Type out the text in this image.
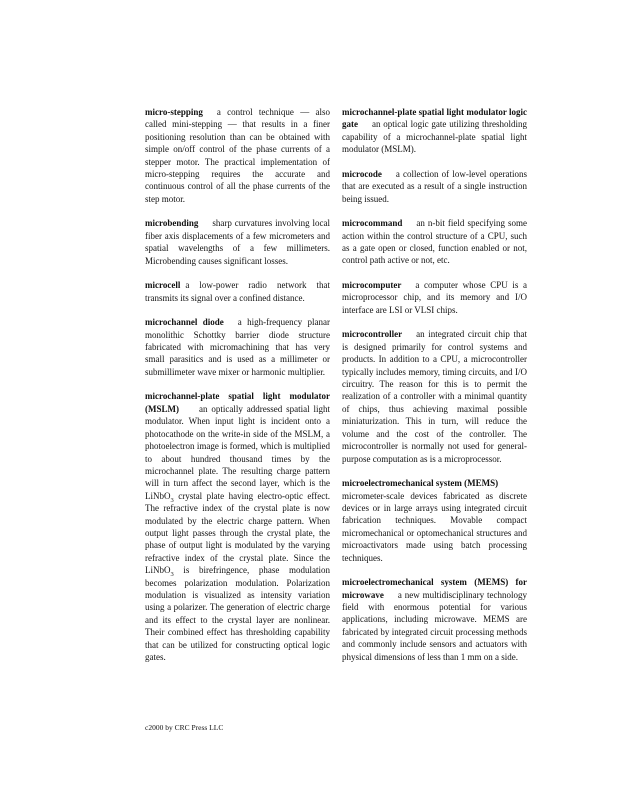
micro-stepping a control technique — also called mini-stepping — that results in a finer positioning resolution than can be obtained with simple on/off control of the phase currents of a stepper motor. The practical implementation of micro-stepping requires the accurate and continuous control of all the phase currents of the step motor.

microbending sharp curvatures involving local fiber axis displacements of a few micrometers and spatial wavelengths of a few millimeters. Microbending causes significant losses.

microcell a low-power radio network that transmits its signal over a confined distance.

microchannel diode a high-frequency planar monolithic Schottky barrier diode structure fabricated with micromachining that has very small parasitics and is used as a millimeter or submillimeter wave mixer or harmonic multiplier.

microchannel-plate spatial light modulator (MSLM) an optically addressed spatial light modulator. When input light is incident onto a photocathode on the write-in side of the MSLM, a photoelectron image is formed, which is multiplied to about hundred thousand times by the microchannel plate. The resulting charge pattern will in turn affect the second layer, which is the LiNbO$_3$ crystal plate having electro-optic effect. The refractive index of the crystal plate is now modulated by the electric charge pattern. When output light passes through the crystal plate, the phase of output light is modulated by the varying refractive index of the crystal plate. Since the LiNbO$_3$ is birefringence, phase modulation becomes polarization modulation. Polarization modulation is visualized as intensity variation using a polarizer. The generation of electric charge and its effect to the crystal layer are nonlinear. Their combined effect has thresholding capability that can be utilized for constructing optical logic gates.

microchannel-plate spatial light modulator logic gate an optical logic gate utilizing thresholding capability of a microchannel-plate spatial light modulator (MSLM).

microcode a collection of low-level operations that are executed as a result of a single instruction being issued.

microcommand an n-bit field specifying some action within the control structure of a CPU, such as a gate open or closed, function enabled or not, control path active or not, etc.

microcomputer a computer whose CPU is a microprocessor chip, and its memory and I/O interface are LSI or VLSI chips.

microcontroller an integrated circuit chip that is designed primarily for control systems and products. In addition to a CPU, a microcontroller typically includes memory, timing circuits, and I/O circuitry. The reason for this is to permit the realization of a controller with a minimal quantity of chips, thus achieving maximal possible miniaturization. This in turn, will reduce the volume and the cost of the controller. The microcontroller is normally not used for general-purpose computation as is a microprocessor.

microelectromechanical system (MEMS)
micrometer-scale devices fabricated as discrete devices or in large arrays using integrated circuit fabrication techniques. Movable compact micromechanical or optomechanical structures and microactivators made using batch processing techniques.

microelectromechanical system (MEMS) for microwave a new multidisciplinary technology field with enormous potential for various applications, including microwave. MEMS are fabricated by integrated circuit processing methods and commonly include sensors and actuators with physical dimensions of less than 1 mm on a side.

c2000 by CRC Press LLC
